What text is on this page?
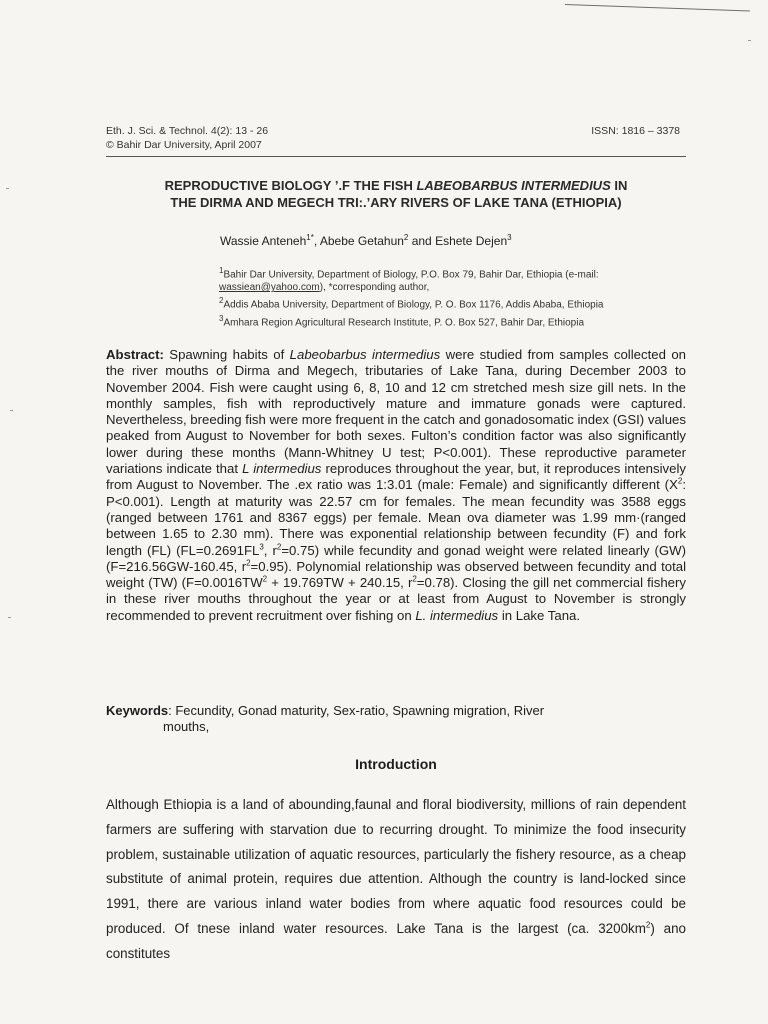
Eth. J. Sci. & Technol. 4(2): 13 - 26
© Bahir Dar University, April 2007
ISSN: 1816 – 3378
REPRODUCTIVE BIOLOGY ’.F THE FISH LABEOBARBUS INTERMEDIUS IN
THE DIRMA AND MEGECH TRI:.’ARY RIVERS OF LAKE TANA (ETHIOPIA)
Wassie Anteneh$^{1*}$, Abebe Getahun$^2$ and Eshete Dejen$^3$

$^1$Bahir Dar University, Department of Biology, P.O. Box 79, Bahir Dar, Ethiopia (e-mail: wassiean@yahoo.com), *corresponding author,

$^2$Addis Ababa University, Department of Biology, P. O. Box 1176, Addis Ababa, Ethiopia

$^3$Amhara Region Agricultural Research Institute, P. O. Box 527, Bahir Dar, Ethiopia

Abstract: Spawning habits of Labeobarbus intermedius were studied from samples collected on the river mouths of Dirma and Megech, tributaries of Lake Tana, during December 2003 to November 2004. Fish were caught using 6, 8, 10 and 12 cm stretched mesh size gill nets. In the monthly samples, fish with reproductively mature and immature gonads were captured. Nevertheless, breeding fish were more frequent in the catch and gonadosomatic index (GSI) values peaked from August to November for both sexes. Fulton’s condition factor was also significantly lower during these months (Mann-Whitney U test; P<0.001). These reproductive parameter variations indicate that L intermedius reproduces throughout the year, but, it reproduces intensively from August to November. The .ex ratio was 1:3.01 (male: Female) and significantly different ($X^2$: P<0.001). Length at maturity was 22.57 cm for females. The mean fecundity was 3588 eggs (ranged between 1761 and 8367 eggs) per female. Mean ova diameter was 1.99 mm·(ranged between 1.65 to 2.30 mm). There was exponential relationship between fecundity (F) and fork length (FL) ($FL=0.2691FL^3$, $r^2=0.75$) while fecundity and gonad weight were related linearly (GW) (F=216.56GW-160.45, $r^2=0.95$). Polynomial relationship was observed between fecundity and total weight (TW) ($F=0.0016TW^2 + 19.769TW + 240.15$, $r^2=0.78$). Closing the gill net commercial fishery in these river mouths throughout the year or at least from August to November is strongly recommended to prevent recruitment over fishing on L. intermedius in Lake Tana.
Keywords: Fecundity, Gonad maturity, Sex-ratio, Spawning migration, River
mouths,
Introduction
Although Ethiopia is a land of abounding,faunal and floral biodiversity, millions of rain dependent farmers are suffering with starvation due to recurring drought. To minimize the food insecurity problem, sustainable utilization of aquatic resources, particularly the fishery resource, as a cheap substitute of animal protein, requires due attention. Although the country is land-locked since 1991, there are various inland water bodies from where aquatic food resources could be produced. Of tnese inland water resources. Lake Tana is the largest (ca. $3200km^2$) ano constitutes
